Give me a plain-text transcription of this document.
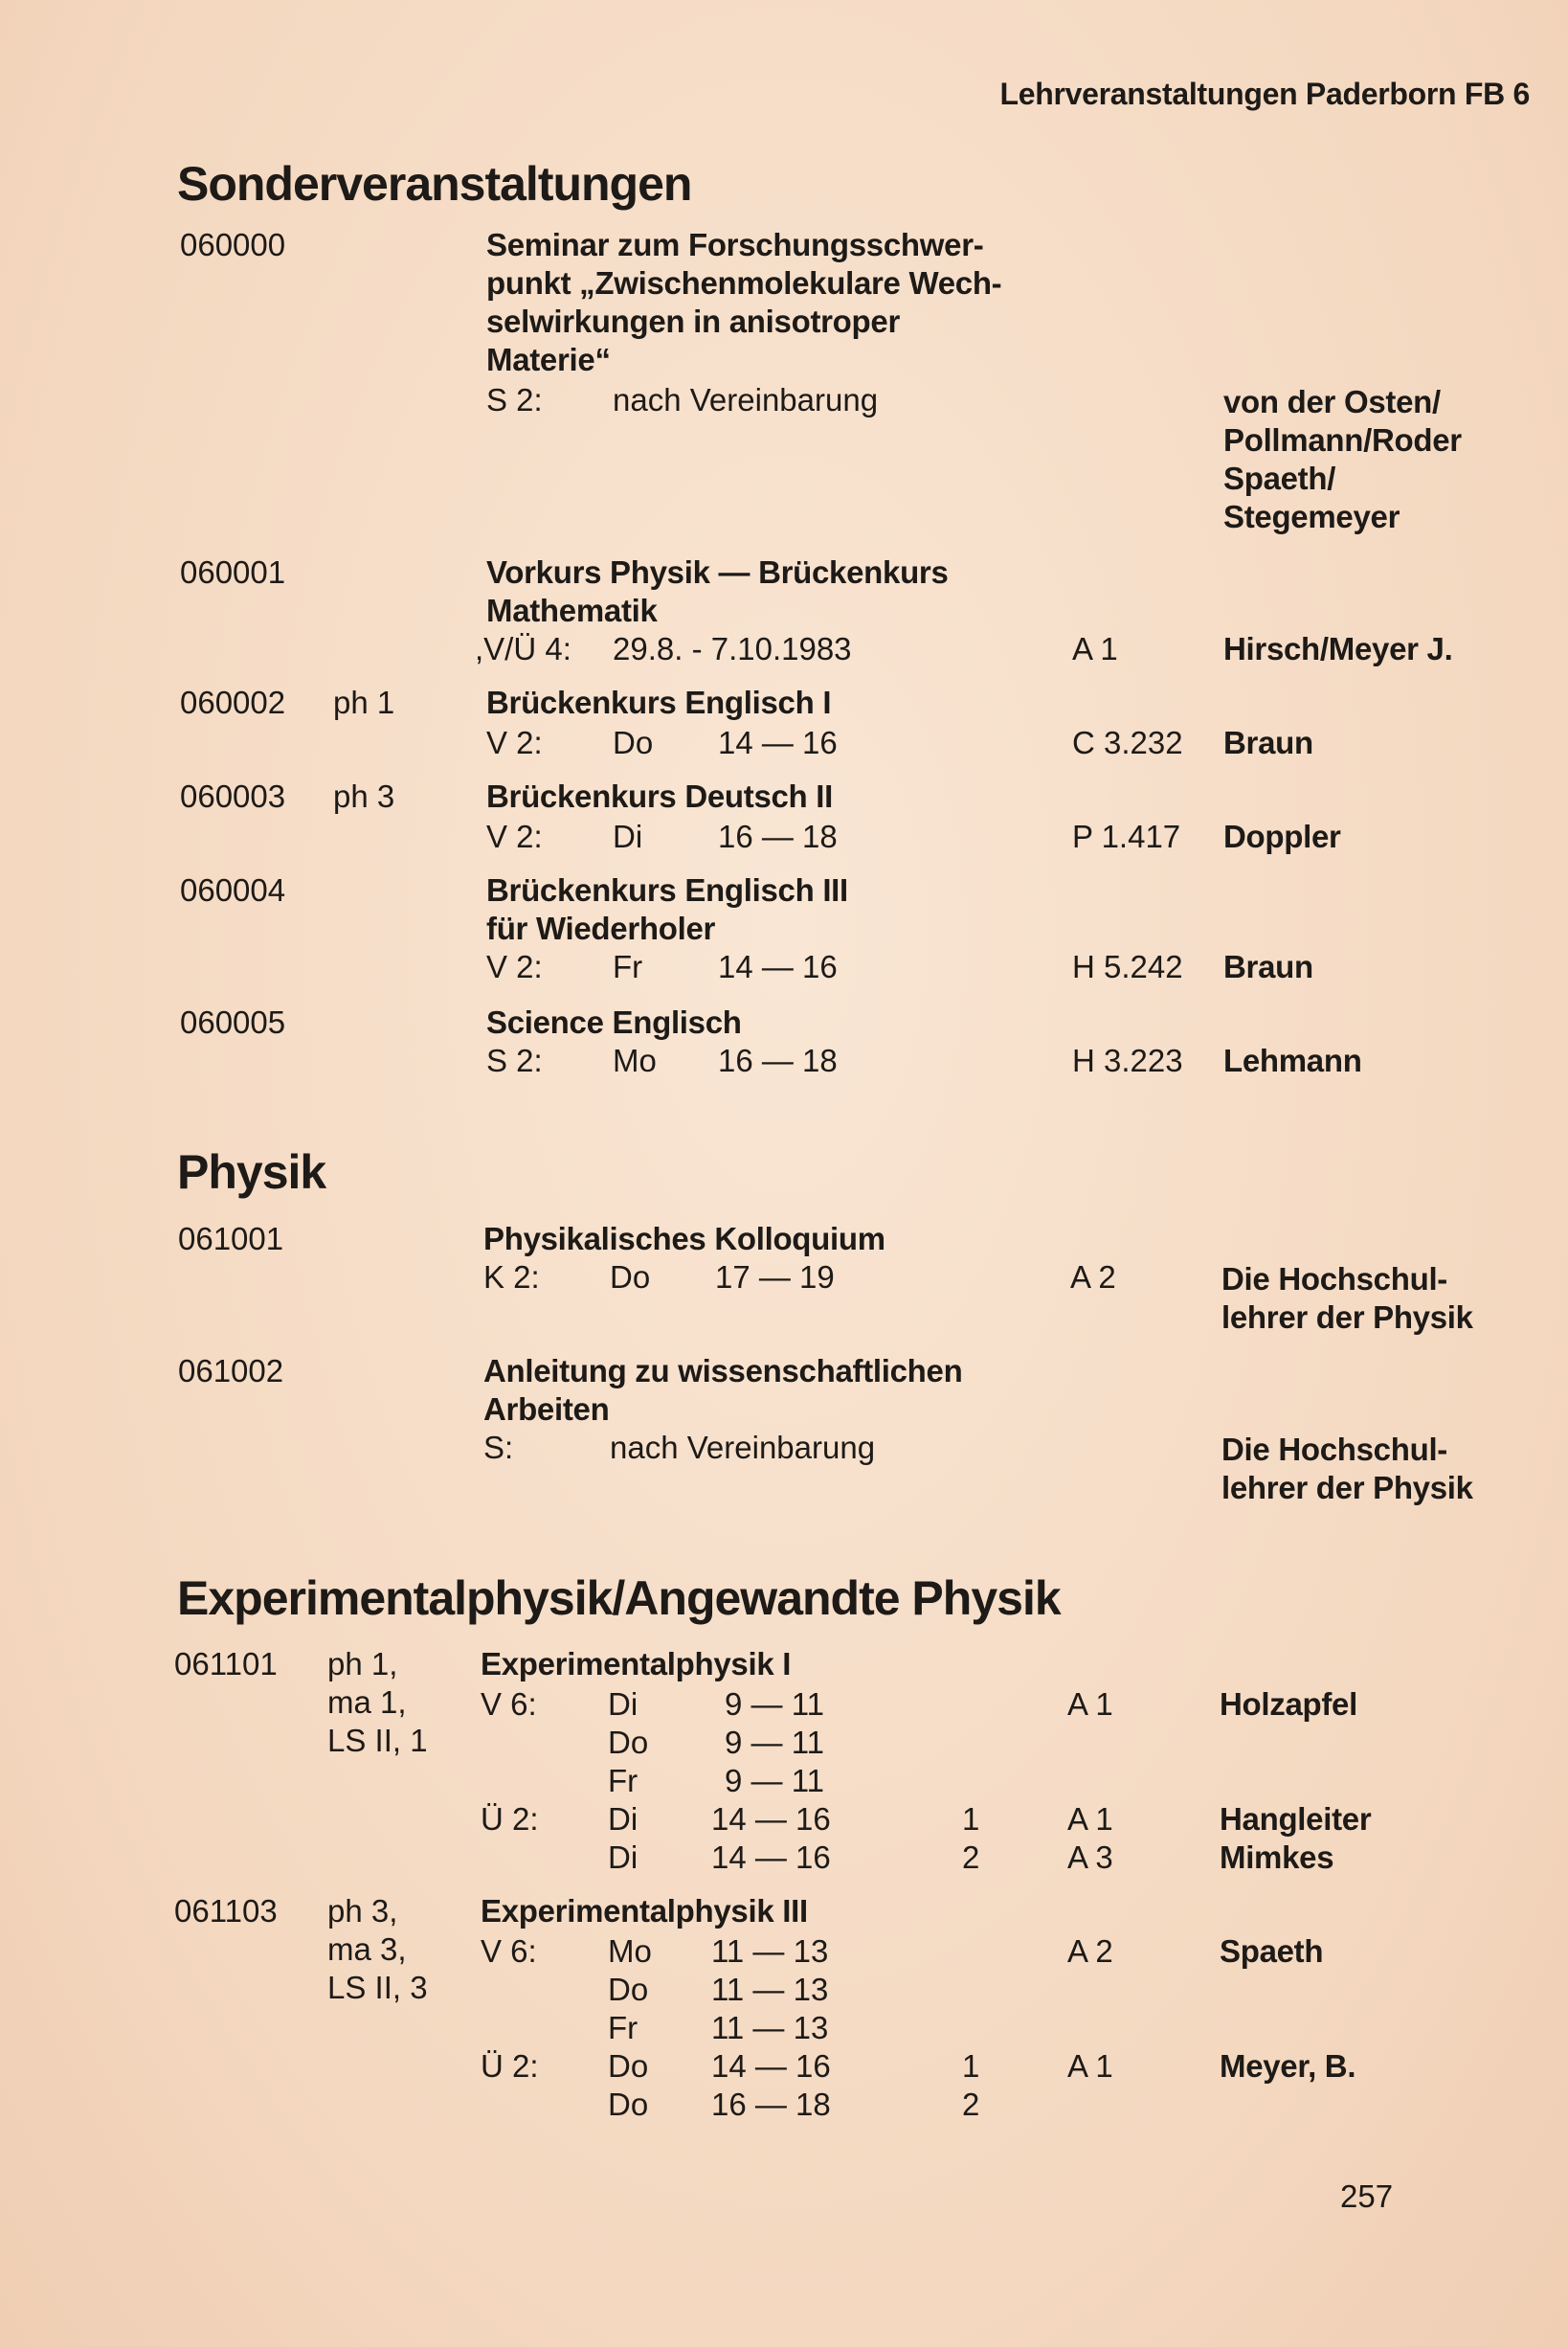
Lehrveranstaltungen Paderborn FB 6
Sonderveranstaltungen
060000	Seminar zum Forschungsschwer-
punkt „Zwischenmolekulare Wech-
selwirkungen in anisotroper
Materie“
S 2: nach Vereinbarung	von der Osten/
Pollmann/Roder
Spaeth/
Stegemeyer
060001	Vorkurs Physik — Brückenkurs
Mathematik
,V/Ü 4: 29.8. - 7.10.1983	A 1	Hirsch/Meyer J.
060002 ph 1	Brückenkurs Englisch I
V 2: Do 14 — 16	C 3.232 Braun
060003 ph 3	Brückenkurs Deutsch II
V 2: Di 16 — 18	P 1.417 Doppler
060004	Brückenkurs Englisch III
für Wiederholer
V 2: Fr 14 — 16	H 5.242 Braun
060005	Science Englisch
S 2: Mo 16 — 18	H 3.223 Lehmann
Physik
061001	Physikalisches Kolloquium
K 2: Do 17 — 19	A 2	Die Hochschul-
lehrer der Physik
061002	Anleitung zu wissenschaftlichen
Arbeiten
S:	nach Vereinbarung	Die Hochschul-
lehrer der Physik
Experimentalphysik/Angewandte Physik
061101 ph 1,
ma 1,
LS II, 1
Experimentalphysik I
V 6: Di	9 — 11	A 1	Holzapfel
Do 9 — 11
Fr	9 — 11
Ü 2: Di 14 — 16	1	A 1	Hangleiter
Di 14 — 16	2	A 3	Mimkes
061103 ph 3,
ma 3,
LS II, 3
Experimentalphysik III
V 6: Mo 11 — 13	A 2	Spaeth
Do 11 — 13
Fr 11 — 13
Ü 2: Do 14 — 16	1	A 1	Meyer, B.
Do 16 — 18	2
257
